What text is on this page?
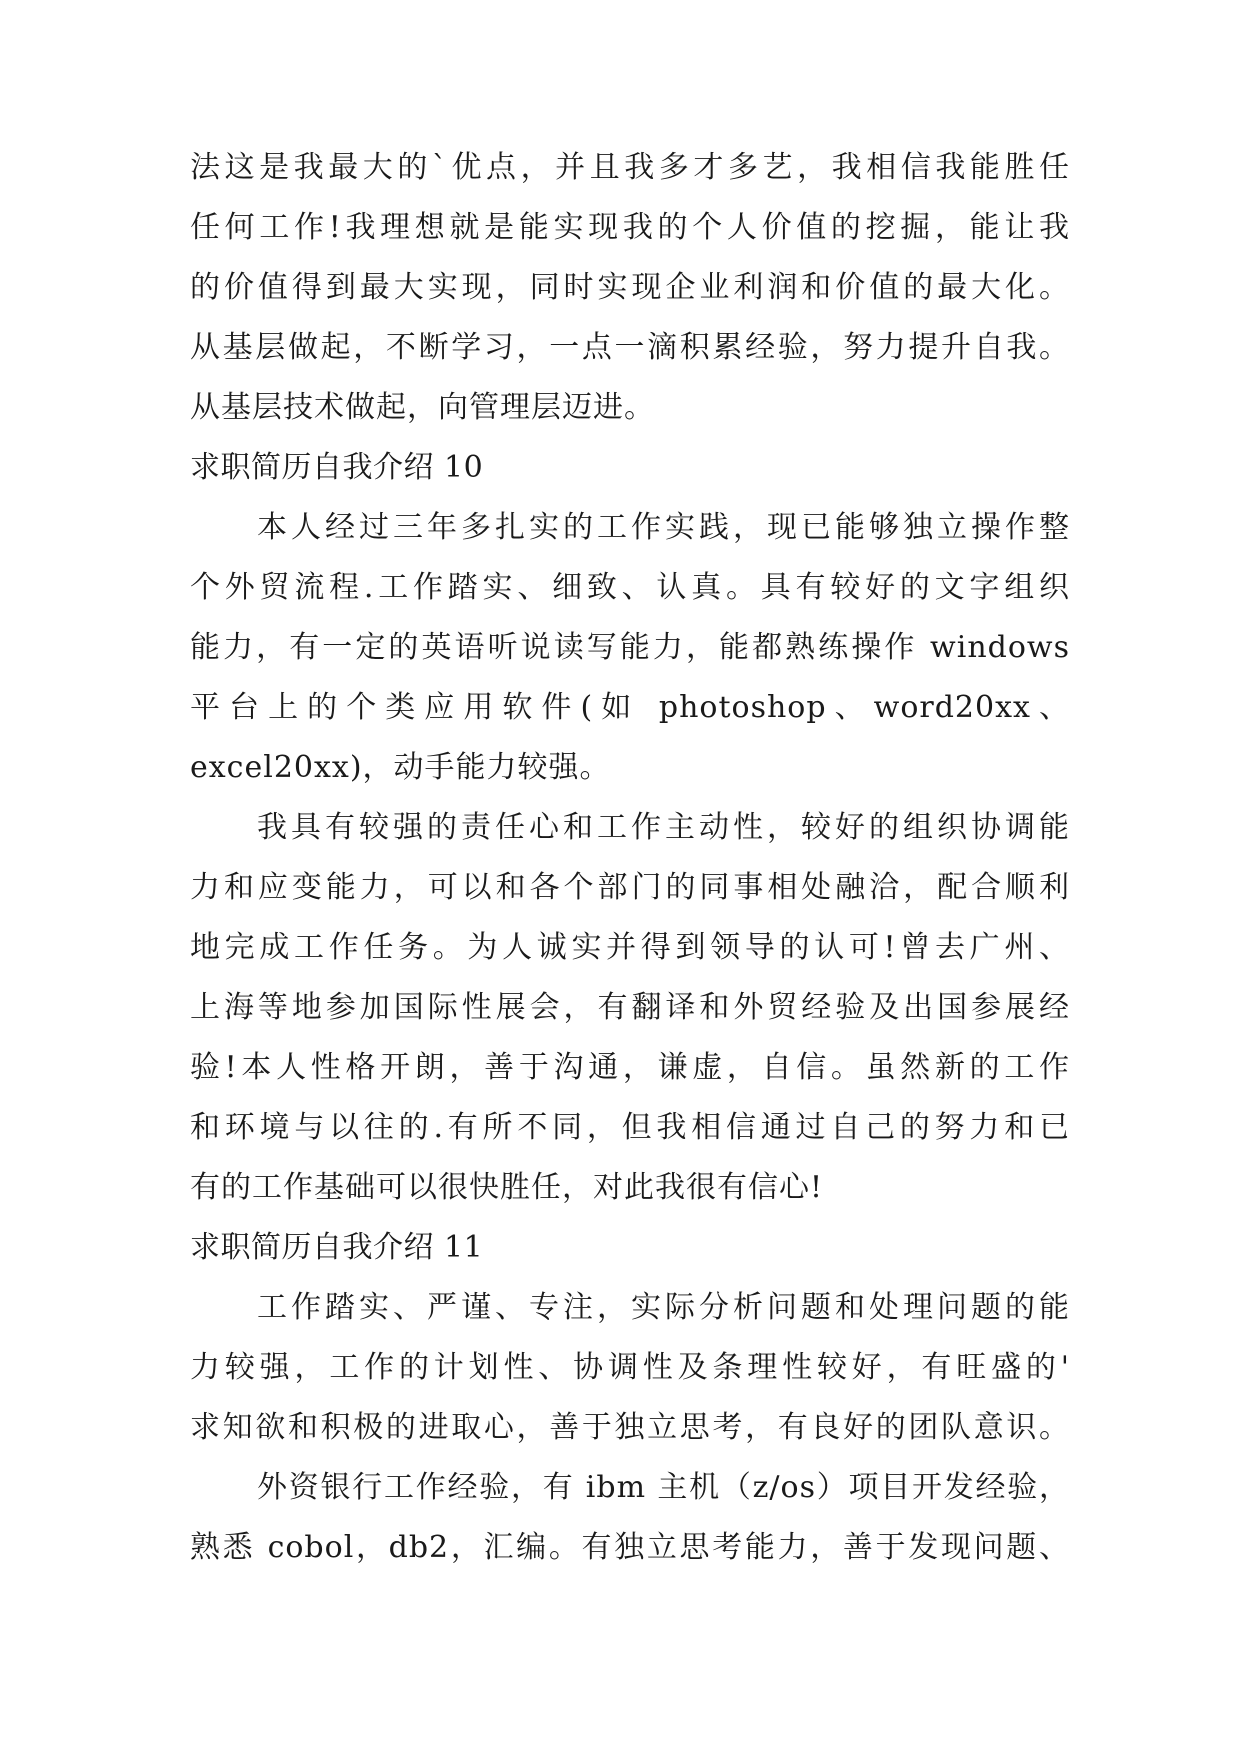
法这是我最大的`优点，并且我多才多艺，我相信我能胜任
任何工作!我理想就是能实现我的个人价值的挖掘，能让我
的价值得到最大实现，同时实现企业利润和价值的最大化。
从基层做起，不断学习，一点一滴积累经验，努力提升自我。
从基层技术做起，向管理层迈进。
求职简历自我介绍 10
本人经过三年多扎实的工作实践，现已能够独立操作整
个外贸流程.工作踏实、细致、认真。具有较好的文字组织
能力，有一定的英语听说读写能力，能都熟练操作 windows
平台上的个类应用软件(如 photoshop、word20xx、
excel20xx)，动手能力较强。
我具有较强的责任心和工作主动性，较好的组织协调能
力和应变能力，可以和各个部门的同事相处融洽，配合顺利
地完成工作任务。为人诚实并得到领导的认可!曾去广州、
上海等地参加国际性展会，有翻译和外贸经验及出国参展经
验!本人性格开朗，善于沟通，谦虚，自信。虽然新的工作
和环境与以往的.有所不同，但我相信通过自己的努力和已
有的工作基础可以很快胜任，对此我很有信心!
求职简历自我介绍 11
工作踏实、严谨、专注，实际分析问题和处理问题的能
力较强，工作的计划性、协调性及条理性较好，有旺盛的'
求知欲和积极的进取心，善于独立思考，有良好的团队意识。
外资银行工作经验，有 ibm 主机（z/os）项目开发经验，
熟悉 cobol，db2，汇编。有独立思考能力，善于发现问题、
